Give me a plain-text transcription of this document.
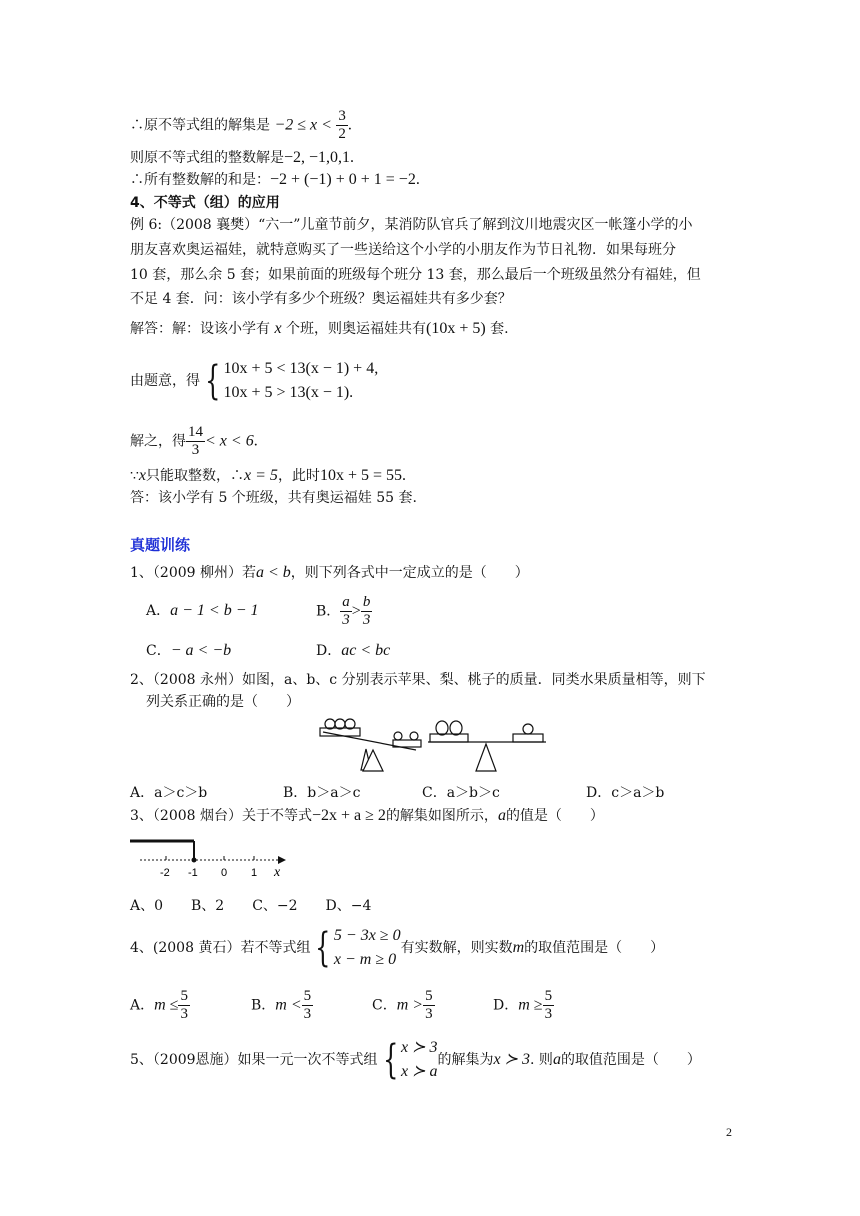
∴原不等式组的解集是 $-2 \le x < \frac{3}{2}$ .
则原不等式组的整数解是−2, −1,0,1.
∴所有整数解的和是：−2 + (−1) + 0 + 1 = −2.
4、不等式（组）的应用
例 6:（2008 襄樊）“六一”儿童节前夕，某消防队官兵了解到汶川地震灾区一帐篷小学的小
朋友喜欢奥运福娃，就特意购买了一些送给这个小学的小朋友作为节日礼物．如果每班分
10 套，那么余 5 套；如果前面的班级每个班分 13 套，那么最后一个班级虽然分有福娃，但
不足 4 套．问：该小学有多少个班级？奥运福娃共有多少套？
解答：解：设该小学有 x 个班，则奥运福娃共有(10x + 5) 套.
由题意，得 { 10x + 5 < 13(x − 1) + 4,
10x + 5 > 13(x − 1).
解之，得 $\frac{14}{3} < x < 6$.
∵x只能取整数，∴x = 5，此时10x + 5 = 55.
答：该小学有 5 个班级，共有奥运福娃 55 套.
真题训练
1、（2009 柳州）若a < b，则下列各式中一定成立的是（　　）
A．a − 1 < b − 1	B． $\frac{a}{3} > \frac{b}{3}$
C．− a < −b	D．ac < bc
2、（2008 永州）如图，a、b、c 分别表示苹果、梨、桃子的质量．同类水果质量相等，则下
列关系正确的是（　　）
A．a＞c＞b	B．b＞a＞c	C．a＞b＞c	D．c＞a＞b
3、（2008 烟台）关于不等式−2x + a ≥ 2的解集如图所示，a的值是（　　）
-2 -1 0 1 x
A、0　　B、2　　C、−2　　D、−4
4、(2008 黄石）若不等式组 { 5 − 3x ≥ 0
x − m ≥ 0
有实数解，则实数m的取值范围是（　　）
A．$m \le \frac{5}{3}$	B．$m < \frac{5}{3}$	C．$m > \frac{5}{3}$	D．$m \ge \frac{5}{3}$
5、（2009恩施）如果一元一次不等式组 { x ≻ 3
x ≻ a
的解集为x ≻ 3. 则a的取值范围是（　　）
2
